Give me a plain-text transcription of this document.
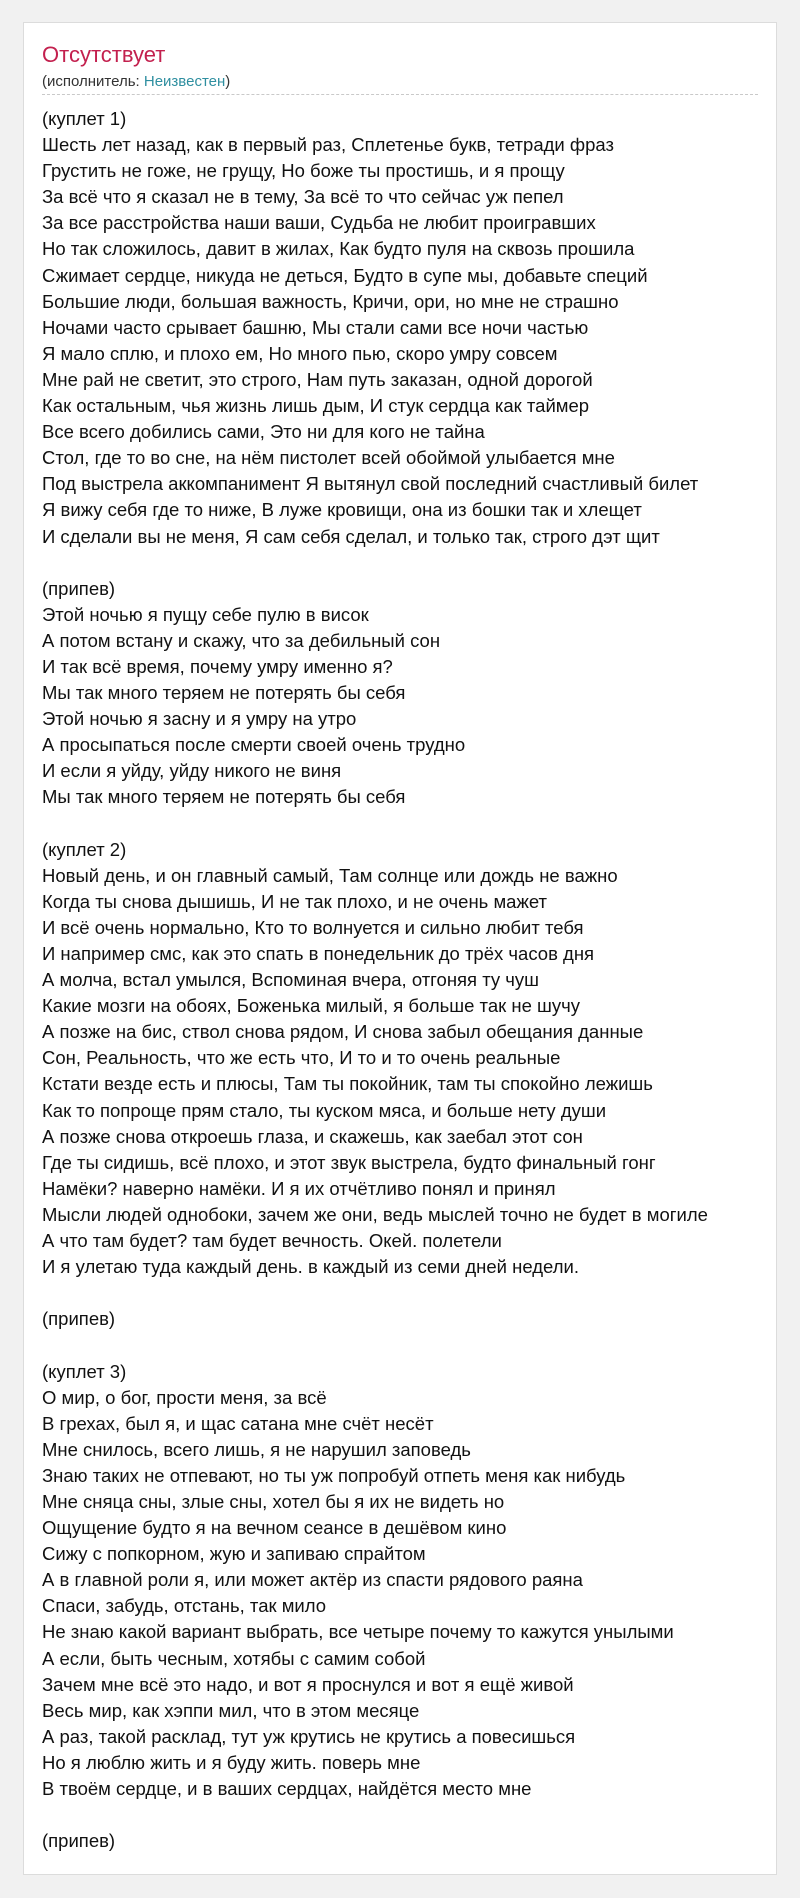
Отсутствует
(исполнитель: Неизвестен)
(куплет 1)
Шесть лет назад, как в первый раз, Сплетенье букв, тетради фраз
Грустить не гоже, не грущу, Но боже ты простишь, и я прощу
За всё что я сказал не в тему, За всё то что сейчас уж пепел
За все расстройства наши ваши, Судьба не любит проигравших
Но так сложилось, давит в жилах, Как будто пуля на сквозь прошила
Сжимает сердце, никуда не деться, Будто в супе мы, добавьте специй
Большие люди, большая важность, Кричи, ори, но мне не страшно
Ночами часто срывает башню, Мы стали сами все ночи частью
Я мало сплю, и плохо ем, Но много пью, скоро умру совсем
Мне рай не светит, это строго, Нам путь заказан, одной дорогой
Как остальным, чья жизнь лишь дым, И стук сердца как таймер
Все всего добились сами, Это ни для кого не тайна
Стол, где то во сне, на нём пистолет всей обоймой улыбается мне
Под выстрела аккомпанимент Я вытянул свой последний счастливый билет
Я вижу себя где то ниже, В луже кровищи, она из бошки так и хлещет
И сделали вы не меня, Я сам себя сделал, и только так, строго дэт щит
(припев)
Этой ночью я пущу себе пулю в висок
А потом встану и скажу, что за дебильный сон
И так всё время, почему умру именно я?
Мы так много теряем не потерять бы себя
Этой ночью я засну и я умру на утро
А просыпаться после смерти своей очень трудно
И если я уйду, уйду никого не виня
Мы так много теряем не потерять бы себя
(куплет 2)
Новый день, и он главный самый, Там солнце или дождь не важно
Когда ты снова дышишь, И не так плохо, и не очень мажет
И всё очень нормально, Кто то волнуется и сильно любит тебя
И например смс, как это спать в понедельник до трёх часов дня
А молча, встал умылся, Вспоминая вчера, отгоняя ту чуш
Какие мозги на обоях, Боженька милый, я больше так не шучу
А позже на бис, ствол снова рядом, И снова забыл обещания данные
Сон, Реальность, что же есть что, И то и то очень реальные
Кстати везде есть и плюсы, Там ты покойник, там ты спокойно лежишь
Как то попроще прям стало, ты куском мяса, и больше нету души
А позже снова откроешь глаза, и скажешь, как заебал этот сон
Где ты сидишь, всё плохо, и этот звук выстрела, будто финальный гонг
Намёки? наверно намёки. И я их отчётливо понял и принял
Мысли людей однобоки, зачем же они, ведь мыслей точно не будет в могиле
А что там будет? там будет вечность. Окей. полетели
И я улетаю туда каждый день. в каждый из семи дней недели.
(припев)
(куплет 3)
О мир, о бог, прости меня, за всё
В грехах, был я, и щас сатана мне счёт несёт
Мне снилось, всего лишь, я не нарушил заповедь
Знаю таких не отпевают, но ты уж попробуй отпеть меня как нибудь
Мне сняца сны, злые сны, хотел бы я их не видеть но
Ощущение будто я на вечном сеансе в дешёвом кино
Сижу с попкорном, жую и запиваю спрайтом
А в главной роли я, или может актёр из спасти рядового раяна
Спаси, забудь, отстань, так мило
Не знаю какой вариант выбрать, все четыре почему то кажутся унылыми
А если, быть чесным, хотябы с самим собой
Зачем мне всё это надо, и вот я проснулся и вот я ещё живой
Весь мир, как хэппи мил, что в этом месяце
А раз, такой расклад, тут уж крутись не крутись а повесишься
Но я люблю жить и я буду жить. поверь мне
В твоём сердце, и в ваших сердцах, найдётся место мне
(припев)
